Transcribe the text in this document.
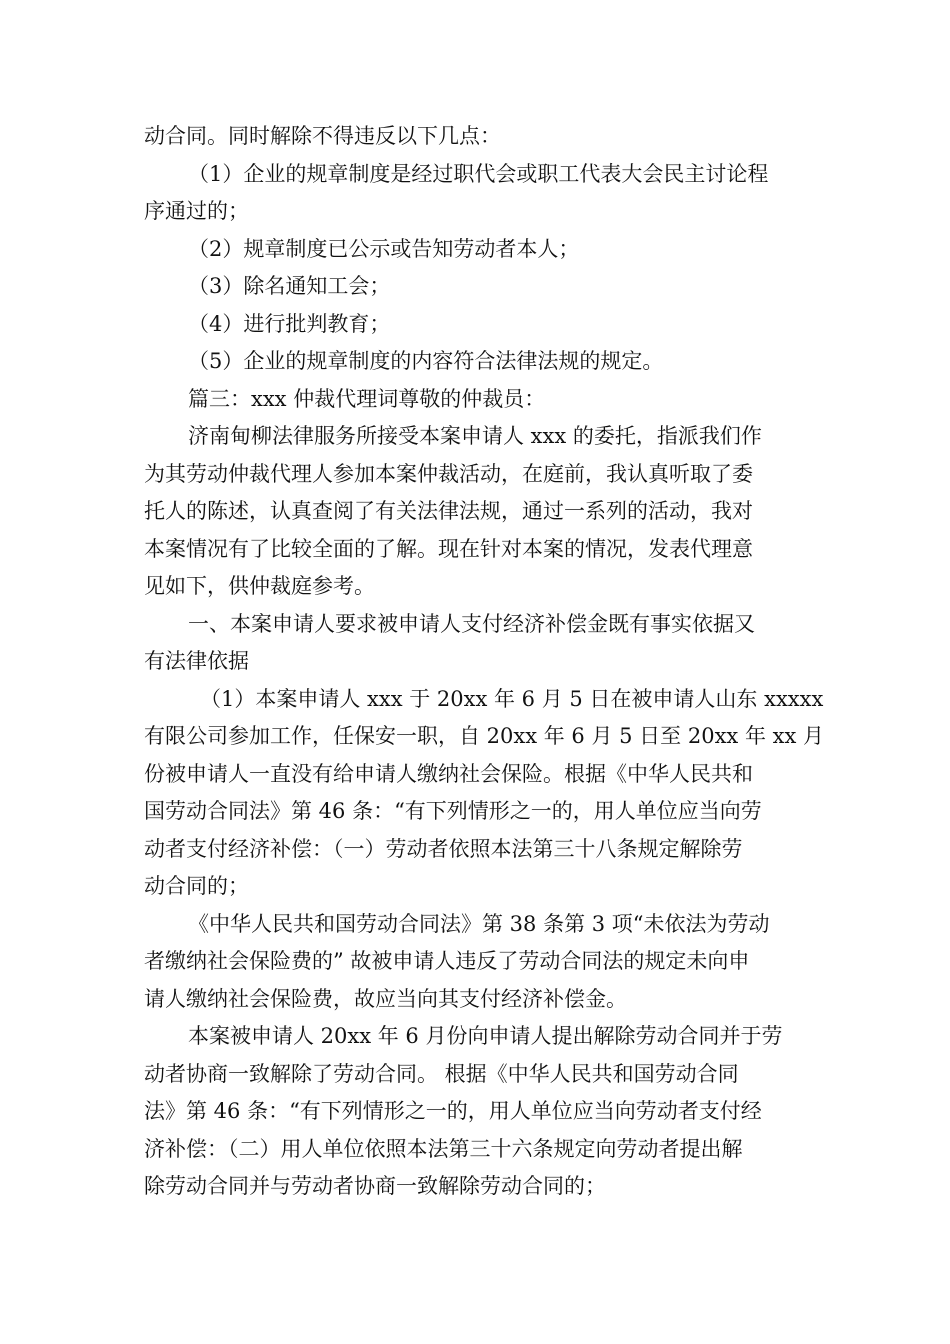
动合同。同时解除不得违反以下几点：
（1）企业的规章制度是经过职代会或职工代表大会民主讨论程
序通过的；
（2）规章制度已公示或告知劳动者本人；
（3）除名通知工会；
（4）进行批判教育；
（5）企业的规章制度的内容符合法律法规的规定。
篇三：xxx 仲裁代理词尊敬的仲裁员：
济南甸柳法律服务所接受本案申请人 xxx 的委托，指派我们作
为其劳动仲裁代理人参加本案仲裁活动，在庭前，我认真听取了委
托人的陈述，认真查阅了有关法律法规，通过一系列的活动，我对
本案情况有了比较全面的了解。现在针对本案的情况，发表代理意
见如下，供仲裁庭参考。
一、本案申请人要求被申请人支付经济补偿金既有事实依据又
有法律依据
（1）本案申请人 xxx 于 20xx 年 6 月 5 日在被申请人山东 xxxxx
有限公司参加工作，任保安一职，自 20xx 年 6 月 5 日至 20xx 年 xx 月
份被申请人一直没有给申请人缴纳社会保险。根据《中华人民共和
国劳动合同法》第 46 条：“有下列情形之一的，用人单位应当向劳
动者支付经济补偿：（一）劳动者依照本法第三十八条规定解除劳
动合同的；
《中华人民共和国劳动合同法》第 38 条第 3 项“未依法为劳动
者缴纳社会保险费的” 故被申请人违反了劳动合同法的规定未向申
请人缴纳社会保险费，故应当向其支付经济补偿金。
本案被申请人 20xx 年 6 月份向申请人提出解除劳动合同并于劳
动者协商一致解除了劳动合同。 根据《中华人民共和国劳动合同
法》第 46 条：“有下列情形之一的，用人单位应当向劳动者支付经
济补偿：（二）用人单位依照本法第三十六条规定向劳动者提出解
除劳动合同并与劳动者协商一致解除劳动合同的；
